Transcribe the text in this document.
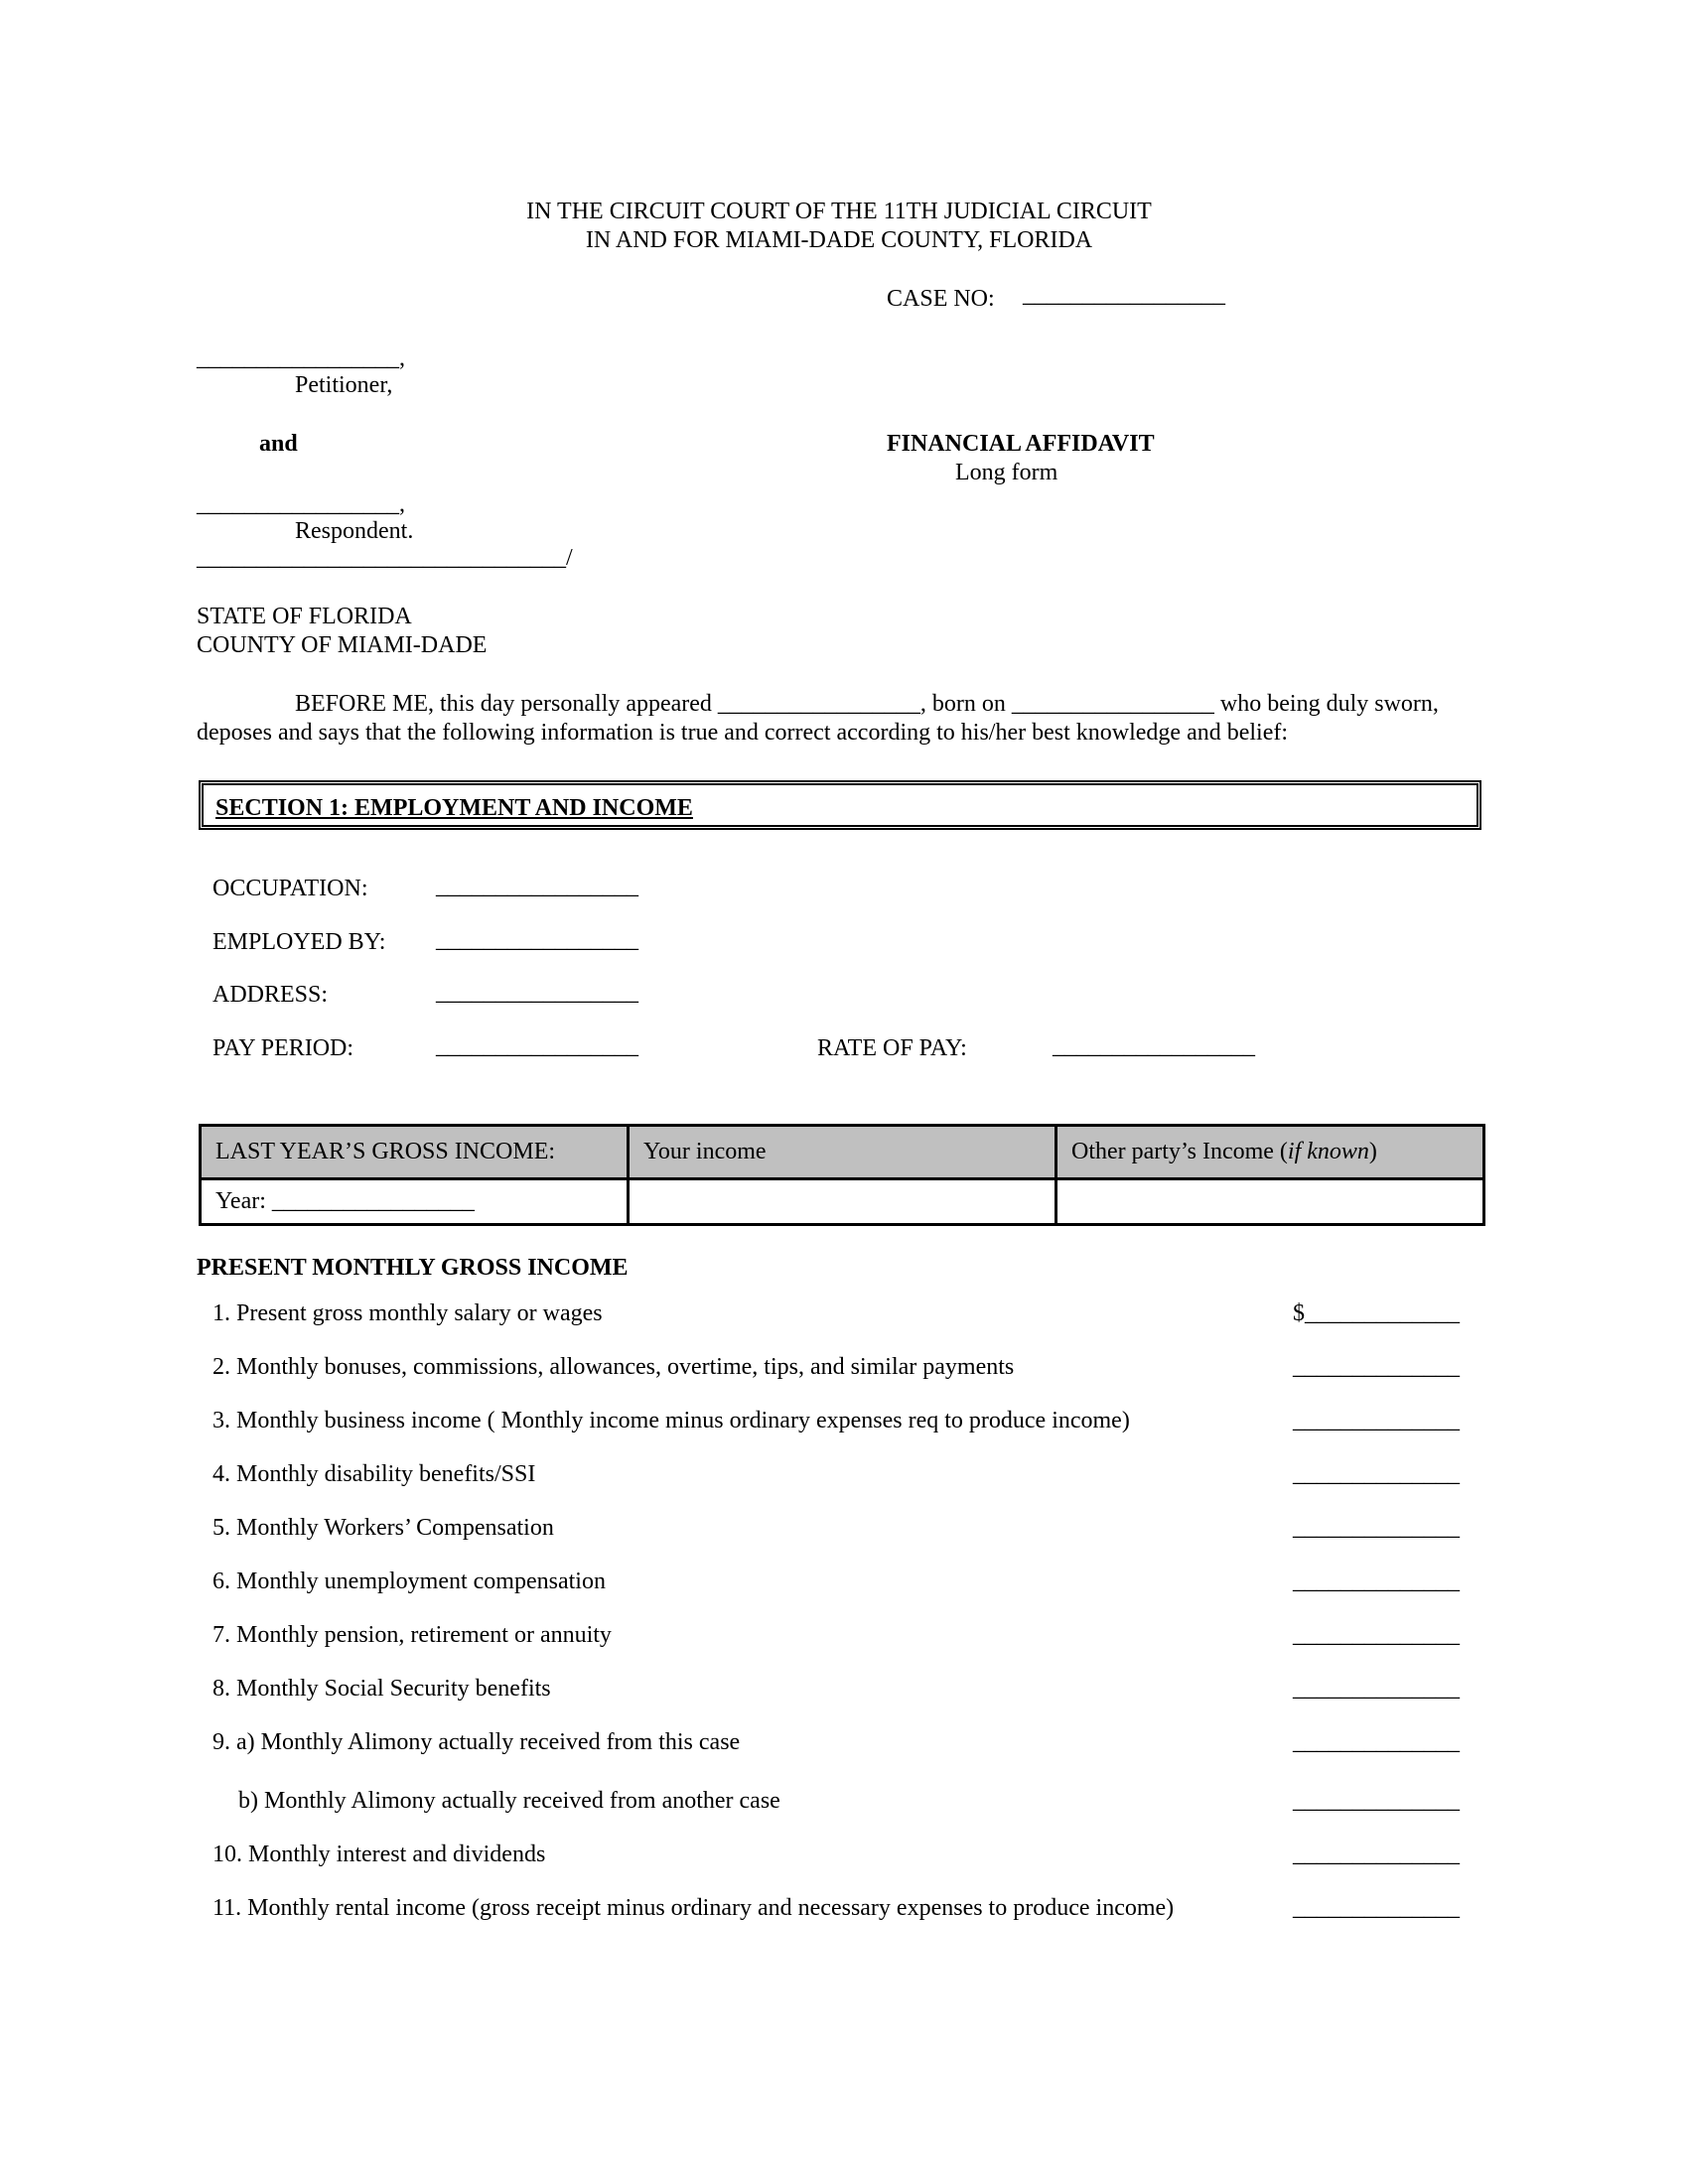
IN THE CIRCUIT COURT OF THE 11TH JUDICIAL CIRCUIT
IN AND FOR MIAMI-DADE COUNTY, FLORIDA
CASE NO: _________________
_________________,
Petitioner,
and	FINANCIAL AFFIDAVIT
Long form
_________________,
Respondent.
_______________________________/
STATE OF FLORIDA
COUNTY OF MIAMI-DADE
BEFORE ME, this day personally appeared _________________, born on _________________ who being duly sworn,
deposes and says that the following information is true and correct according to his/her best knowledge and belief:
SECTION 1: EMPLOYMENT AND INCOME
OCCUPATION:	_________________
EMPLOYED BY: _________________
ADDRESS:	_________________
PAY PERIOD:	_________________	RATE OF PAY:	_________________
LAST YEAR’S GROSS INCOME:	Your income	Other party’s Income (if known)
Year: _________________		
PRESENT MONTHLY GROSS INCOME
1. Present gross monthly salary or wages	$_____________
2. Monthly bonuses, commissions, allowances, overtime, tips, and similar payments	______________
3. Monthly business income ( Monthly income minus ordinary expenses req to produce income)	______________
4. Monthly disability benefits/SSI	______________
5. Monthly Workers’ Compensation	______________
6. Monthly unemployment compensation	______________
7. Monthly pension, retirement or annuity	______________
8. Monthly Social Security benefits	______________
9. a) Monthly Alimony actually received from this case	______________
b) Monthly Alimony actually received from another case	______________
10. Monthly interest and dividends	______________
11. Monthly rental income (gross receipt minus ordinary and necessary expenses to produce income)	______________
